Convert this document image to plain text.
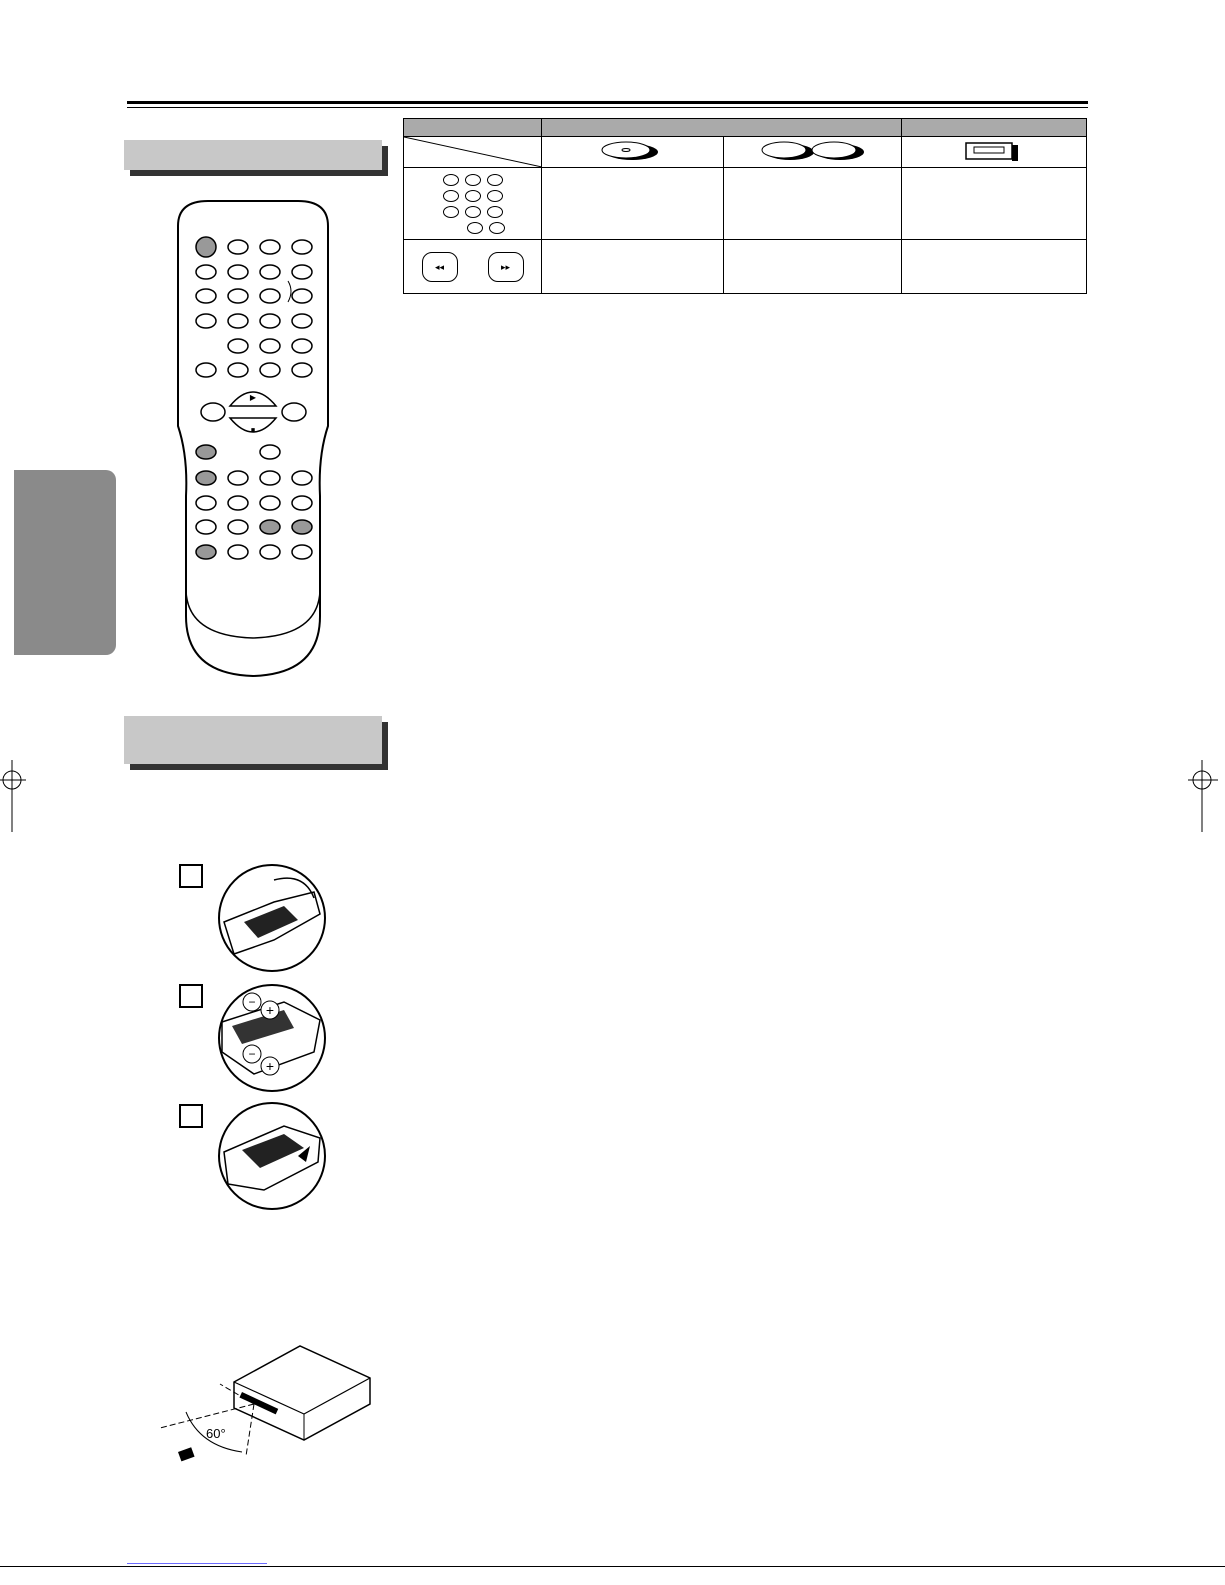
▶
■
− +
−
+
60°

◂◂ ▸▸			
